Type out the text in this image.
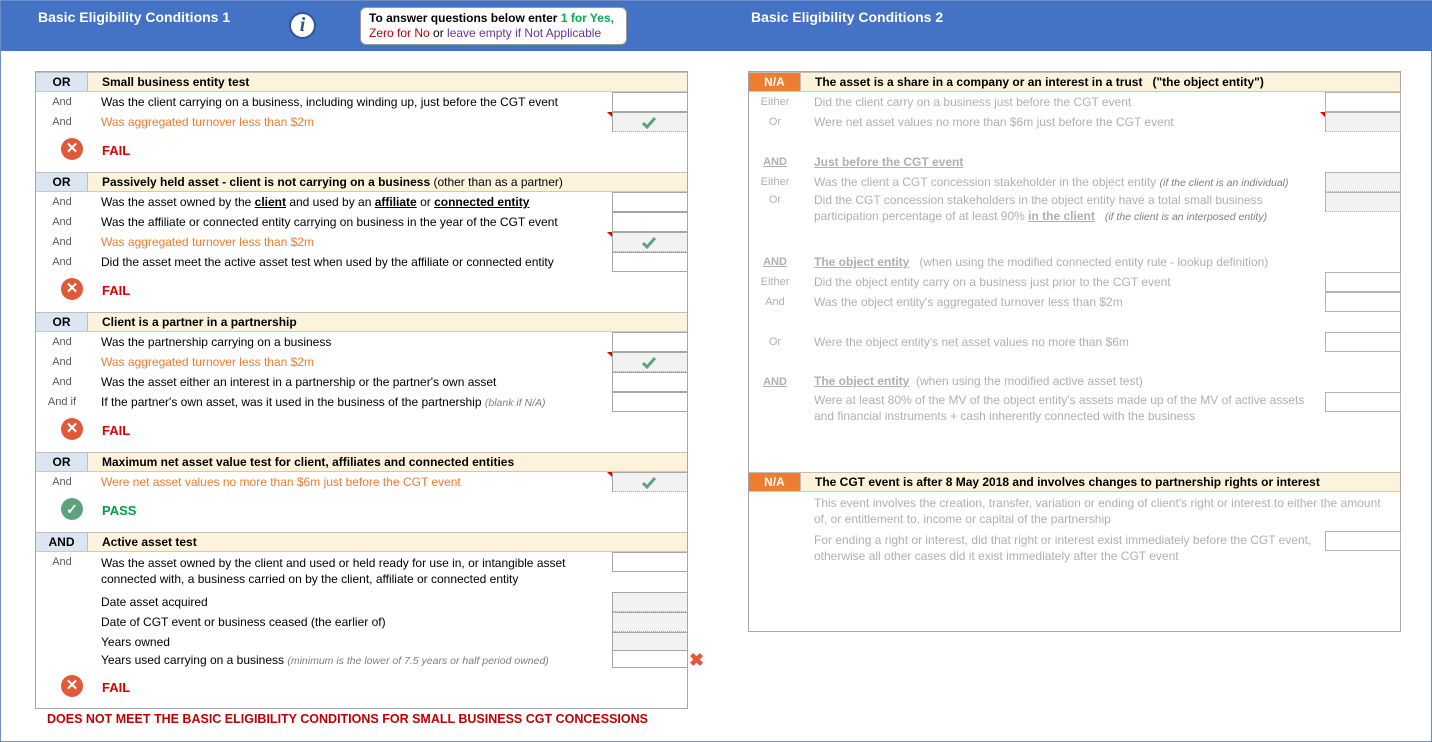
Basic Eligibility Conditions 1	i	To answer questions below enter 1 for Yes,
Zero for No or leave empty if Not Applicable
Basic Eligibility Conditions 2
OR	Small business entity test
And	Was the client carrying on a business, including winding up, just before the CGT event
And	Was aggregated turnover less than $2m
✕	FAIL
OR	Passively held asset - client is not carrying on a business (other than as a partner)
And	Was the asset owned by the client and used by an affiliate or connected entity
And	Was the affiliate or connected entity carrying on business in the year of the CGT event
And	Was aggregated turnover less than $2m
And	Did the asset meet the active asset test when used by the affiliate or connected entity
✕	FAIL
OR	Client is a partner in a partnership
And	Was the partnership carrying on a business
And	Was aggregated turnover less than $2m
And	Was the asset either an interest in a partnership or the partner's own asset
And if	If the partner's own asset, was it used in the business of the partnership (blank if N/A)
✕	FAIL
OR	Maximum net asset value test for client, affiliates and connected entities
And	Were net asset values no more than $6m just before the CGT event
✓	PASS
AND	Active asset test
And	Was the asset owned by the client and used or held ready for use in, or intangible asset
connected with, a business carried on by the client, affiliate or connected entity
Date asset acquired
Date of CGT event or business ceased (the earlier of)
Years owned
Years used carrying on a business (minimum is the lower of 7.5 years or half period owned)
✕	FAIL
✖
DOES NOT MEET THE BASIC ELIGIBILITY CONDITIONS FOR SMALL BUSINESS CGT CONCESSIONS
N/A	The asset is a share in a company or an interest in a trust ("the object entity")
Either	Did the client carry on a business just before the CGT event
Or	Were net asset values no more than $6m just before the CGT event
AND	Just before the CGT event
Either	Was the client a CGT concession stakeholder in the object entity (if the client is an individual)
Or	Did the CGT concession stakeholders in the object entity have a total small business
participation percentage of at least 90% in the client (if the client is an interposed entity)
AND	The object entity (when using the modified connected entity rule - lookup definition)
Either	Did the object entity carry on a business just prior to the CGT event
And	Was the object entity's aggregated turnover less than $2m
Or	Were the object entity's net asset values no more than $6m
AND	The object entity (when using the modified active asset test)
Were at least 80% of the MV of the object entity's assets made up of the MV of active assets
and financial instruments + cash inherently connected with the business
N/A	The CGT event is after 8 May 2018 and involves changes to partnership rights or interest
This event involves the creation, transfer, variation or ending of client's right or interest to either the amount
of, or entitlement to, income or capital of the partnership
For ending a right or interest, did that right or interest exist immediately before the CGT event,
otherwise all other cases did it exist immediately after the CGT event
